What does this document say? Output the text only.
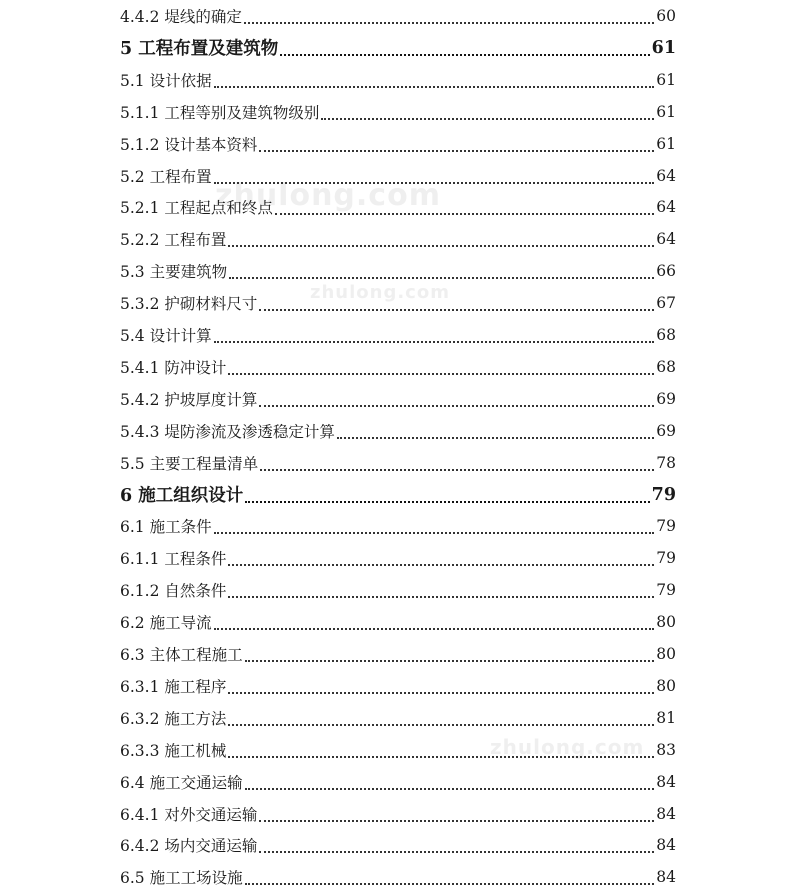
zhulong.com
zhulong.com
zhulong.com
4.4.2 堤线的确定	60
5 工程布置及建筑物	61
5.1 设计依据	61
5.1.1 工程等别及建筑物级别	61
5.1.2 设计基本资料	61
5.2 工程布置	64
5.2.1 工程起点和终点	64
5.2.2 工程布置	64
5.3 主要建筑物	66
5.3.2 护砌材料尺寸	67
5.4 设计计算	68
5.4.1 防冲设计	68
5.4.2 护坡厚度计算	69
5.4.3 堤防渗流及渗透稳定计算	69
5.5 主要工程量清单	78
6 施工组织设计	79
6.1 施工条件	79
6.1.1 工程条件	79
6.1.2 自然条件	79
6.2 施工导流	80
6.3 主体工程施工	80
6.3.1 施工程序	80
6.3.2 施工方法	81
6.3.3 施工机械	83
6.4 施工交通运输	84
6.4.1 对外交通运输	84
6.4.2 场内交通运输	84
6.5 施工工场设施	84
